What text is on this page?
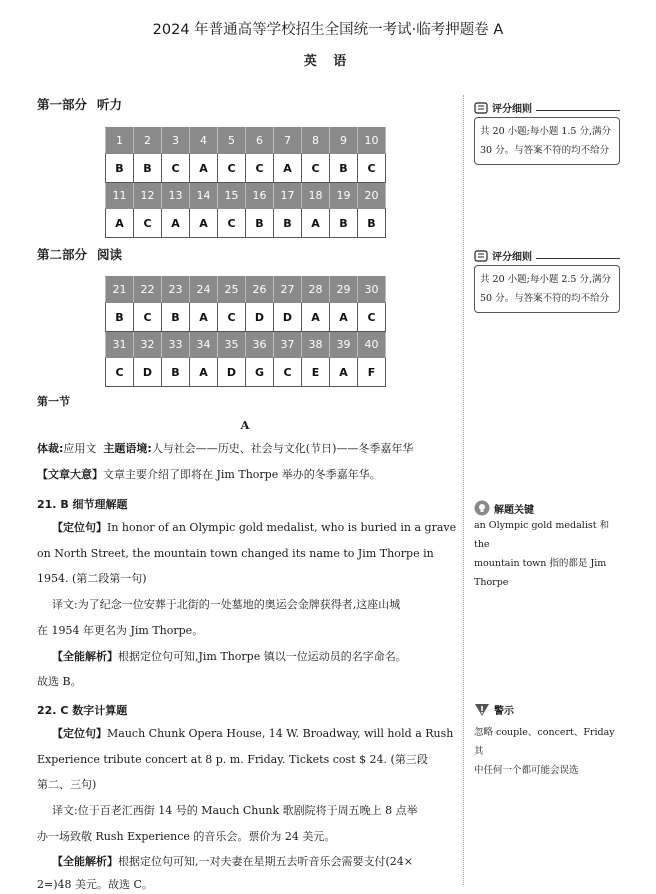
2024 年普通高等学校招生全国统一考试·临考押题卷 A
英 语
第一部分 听力
1	2	3	4	5	6	7	8	9	10
B	B	C	A	C	C	A	C	B	C
11	12	13	14	15	16	17	18	19	20
A	C	A	A	C	B	B	A	B	B
第二部分 阅读
21	22	23	24	25	26	27	28	29	30
B	C	B	A	C	D	D	A	A	C
31	32	33	34	35	36	37	38	39	40
C	D	B	A	D	G	C	E	A	F
评分细则
共 20 小题;每小题 1.5 分,满分
30 分。与答案不符的均不给分
评分细则
共 20 小题;每小题 2.5 分,满分
50 分。与答案不符的均不给分
第一节
A
体裁:应用文 主题语境:人与社会——历史、社会与文化(节日)——冬季嘉年华
【文章大意】文章主要介绍了即将在 Jim Thorpe 举办的冬季嘉年华。
21. B 细节理解题
【定位句】In honor of an Olympic gold medalist, who is buried in a grave
on North Street, the mountain town changed its name to Jim Thorpe in
1954. (第二段第一句)
译文:为了纪念一位安葬于北街的一处墓地的奥运会金牌获得者,这座山城
在 1954 年更名为 Jim Thorpe。
【全能解析】根据定位句可知,Jim Thorpe 镇以一位运动员的名字命名。
故选 B。
22. C 数字计算题
【定位句】Mauch Chunk Opera House, 14 W. Broadway, will hold a Rush
Experience tribute concert at 8 p. m. Friday. Tickets cost $ 24. (第三段
第二、三句)
译文:位于百老汇西街 14 号的 Mauch Chunk 歌剧院将于周五晚上 8 点举
办一场致敬 Rush Experience 的音乐会。票价为 24 美元。
【全能解析】根据定位句可知,一对夫妻在星期五去听音乐会需要支付(24×
2=)48 美元。故选 C。
解题关键
an Olympic gold medalist 和 the
mountain town 指的都是 Jim
Thorpe
警示
忽略 couple、concert、Friday 其
中任何一个都可能会误选
